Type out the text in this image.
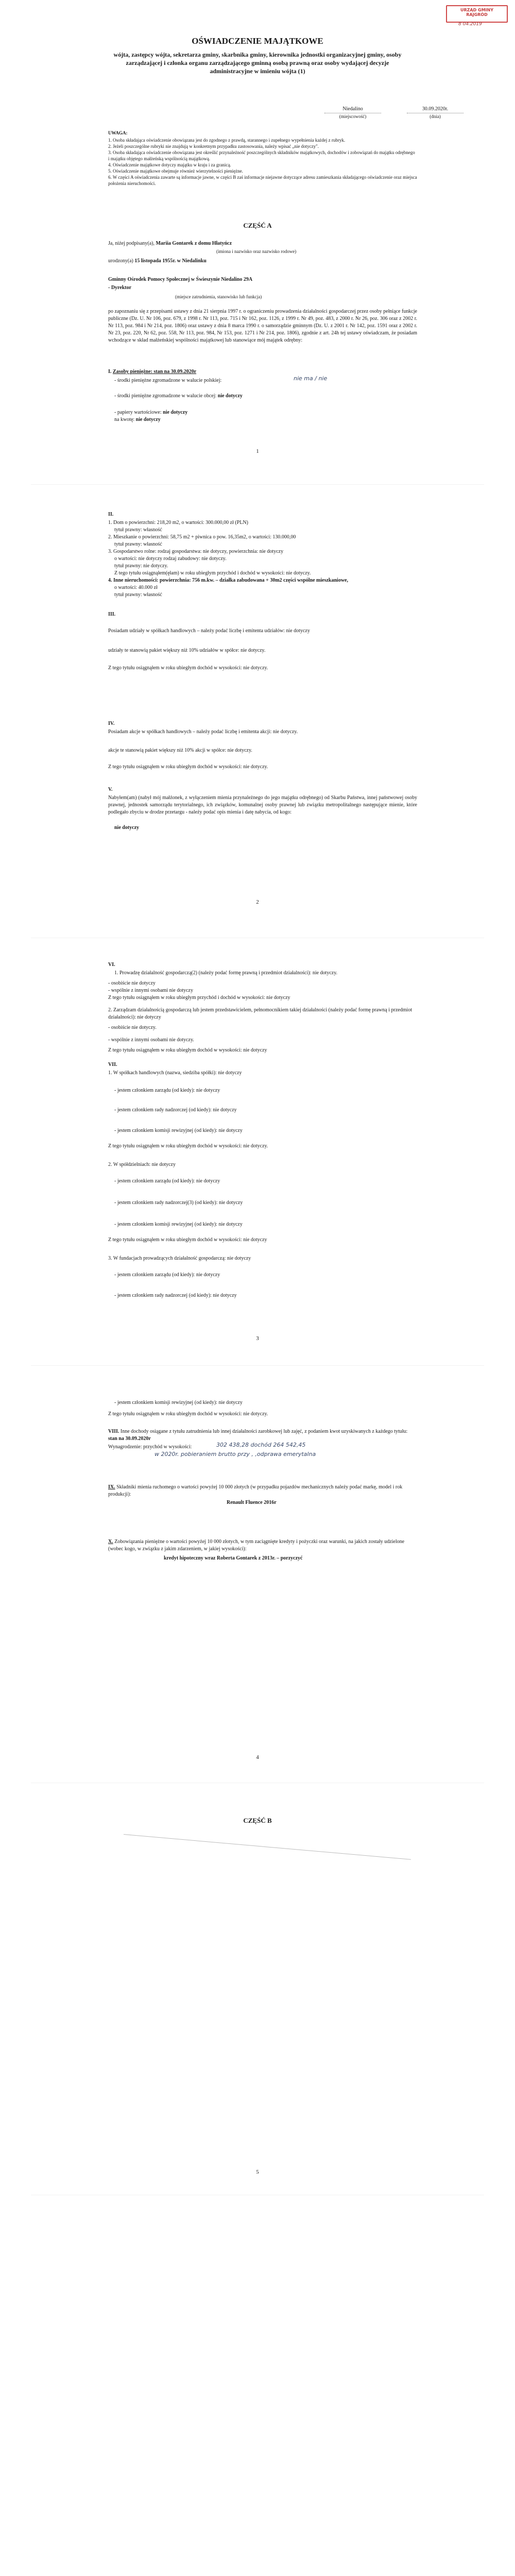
URZĄD GMINY
RAJGRÓD
8 04.2019
OŚWIADCZENIE MAJĄTKOWE
wójta, zastępcy wójta, sekretarza gminy, skarbnika gminy, kierownika jednostki organizacyjnej gminy, osoby zarządzającej i członka organu zarządzającego gminną osobą prawną oraz osoby wydającej decyzje administracyjne w imieniu wójta (1)
Niedalino
(miejscowość)
30.09.2020r.
(dnia)
UWAGA:
1. Osoba składająca oświadczenie obowiązana jest do zgodnego z prawdą, starannego i zupełnego wypełnienia każdej z rubryk.
2. Jeżeli poszczególne rubryki nie znajdują w konkretnym przypadku zastosowania, należy wpisać „nie dotyczy".
3. Osoba składająca oświadczenie obowiązana jest określić przynależność poszczególnych składników majątkowych, dochodów i zobowiązań do majątku odrębnego i majątku objętego małżeńską wspólnością majątkową.
4. Oświadczenie majątkowe dotyczy majątku w kraju i za granicą.
5. Oświadczenie majątkowe obejmuje również wierzytelności pieniężne.
6. W części A oświadczenia zawarte są informacje jawne, w części B zaś informacje niejawne dotyczące adresu zamieszkania składającego oświadczenie oraz miejsca położenia nieruchomości.
CZĘŚĆ A
Ja, niżej podpisany(a), Mariia Gontarek z domu Hłatyńcz
(imiona i nazwisko oraz nazwisko rodowe)
urodzony(a) 15 listopada 1955r. w Niedalinku
Gminny Ośrodek Pomocy Społecznej w Świeszynie Niedalino 29A
- Dyrektor
(miejsce zatrudnienia, stanowisko lub funkcja)
po zapoznaniu się z przepisami ustawy z dnia 21 sierpnia 1997 r. o ograniczeniu prowadzenia działalności gospodarczej przez osoby pełniące funkcje publiczne (Dz. U. Nr 106, poz. 679, z 1998 r. Nr 113, poz. 715 i Nr 162, poz. 1126, z 1999 r. Nr 49, poz. 483, z 2000 r. Nr 26, poz. 306 oraz z 2002 r. Nr 113, poz. 984 i Nr 214, poz. 1806) oraz ustawy z dnia 8 marca 1990 r. o samorządzie gminnym (Dz. U. z 2001 r. Nr 142, poz. 1591 oraz z 2002 r. Nr 23, poz. 220, Nr 62, poz. 558, Nr 113, poz. 984, Nr 153, poz. 1271 i Nr 214, poz. 1806), zgodnie z art. 24h tej ustawy oświadczam, że posiadam wchodzące w skład małżeńskiej wspólności majątkowej lub stanowiące mój majątek odrębny:
I. Zasoby pieniężne: stan na 30.09.2020r
- środki pieniężne zgromadzone w walucie polskiej:	nie ma / nie
- środki pieniężne zgromadzone w walucie obcej: nie dotyczy
- papiery wartościowe: nie dotyczy
na kwotę: nie dotyczy
1
II.
1. Dom o powierzchni: 218,20 m2, o wartości: 300.000,00 zł (PLN)
tytuł prawny: własność
2. Mieszkanie o powierzchni: 58,75 m2 + piwnica o pow. 16,35m2, o wartości: 130.000,00
tytuł prawny: własność
3. Gospodarstwo rolne: rodzaj gospodarstwa: nie dotyczy, powierzchnia: nie dotyczy
o wartości: nie dotyczy rodzaj zabudowy: nie dotyczy.
tytuł prawny: nie dotyczy.
Z tego tytułu osiągnąłem(ęłam) w roku ubiegłym przychód i dochód w wysokości: nie dotyczy.
4. Inne nieruchomości: powierzchnia: 756 m.kw. – działka zabudowana + 30m2 części wspólne mieszkaniowe,
o wartości: 40.000 zł
tytuł prawny: własność
III.
Posiadam udziały w spółkach handlowych – należy podać liczbę i emitenta udziałów: nie dotyczy
udziały te stanowią pakiet większy niż 10% udziałów w spółce: nie dotyczy.
Z tego tytułu osiągnąłem w roku ubiegłym dochód w wysokości: nie dotyczy.
IV.
Posiadam akcje w spółkach handlowych – należy podać liczbę i emitenta akcji: nie dotyczy.
akcje te stanowią pakiet większy niż 10% akcji w spółce: nie dotyczy.
Z tego tytułu osiągnąłem w roku ubiegłym dochód w wysokości: nie dotyczy.
V.
Nabyłem(am) (nabył mój małżonek, z wyłączeniem mienia przynależnego do jego majątku odrębnego) od Skarbu Państwa, innej państwowej osoby prawnej, jednostek samorządu terytorialnego, ich związków, komunalnej osoby prawnej lub związku metropolitalnego następujące mienie, które podlegało zbyciu w drodze przetargu - należy podać opis mienia i datę nabycia, od kogo:
nie dotyczy
2
VI.
1. Prowadzę działalność gospodarczą(2) (należy podać formę prawną i przedmiot działalności): nie dotyczy.
- osobiście nie dotyczy
- wspólnie z innymi osobami nie dotyczy
Z tego tytułu osiągnąłem w roku ubiegłym przychód i dochód w wysokości: nie dotyczy
2. Zarządzam działalnością gospodarczą lub jestem przedstawicielem, pełnomocnikiem takiej działalności (należy podać formę prawną i przedmiot działalności): nie dotyczy
- osobiście nie dotyczy.
- wspólnie z innymi osobami nie dotyczy.
Z tego tytułu osiągnąłem w roku ubiegłym dochód w wysokości: nie dotyczy
VII.
1. W spółkach handlowych (nazwa, siedziba spółki): nie dotyczy
- jestem członkiem zarządu (od kiedy): nie dotyczy
- jestem członkiem rady nadzorczej (od kiedy): nie dotyczy
- jestem członkiem komisji rewizyjnej (od kiedy): nie dotyczy
Z tego tytułu osiągnąłem w roku ubiegłym dochód w wysokości: nie dotyczy.
2. W spółdzielniach: nie dotyczy
- jestem członkiem zarządu (od kiedy): nie dotyczy
- jestem członkiem rady nadzorczej(3) (od kiedy): nie dotyczy
- jestem członkiem komisji rewizyjnej (od kiedy): nie dotyczy
Z tego tytułu osiągnąłem w roku ubiegłym dochód w wysokości: nie dotyczy
3. W fundacjach prowadzących działalność gospodarczą: nie dotyczy
- jestem członkiem zarządu (od kiedy): nie dotyczy
- jestem członkiem rady nadzorczej (od kiedy): nie dotyczy
3
- jestem członkiem komisji rewizyjnej (od kiedy): nie dotyczy
Z tego tytułu osiągnąłem w roku ubiegłym dochód w wysokości: nie dotyczy.
VIII. Inne dochody osiągane z tytułu zatrudnienia lub innej działalności zarobkowej lub zajęć, z podaniem kwot uzyskiwanych z każdego tytułu: stan na 30.09.2020r
Wynagrodzenie: przychód w wysokości:	302 438,28 dochód 264 542,45
w 2020r. pobieraniem brutto przy , ,odprawa emerytalna
IX. Składniki mienia ruchomego o wartości powyżej 10 000 złotych (w przypadku pojazdów mechanicznych należy podać markę, model i rok produkcji):
Renault Fluence 2016r
X. Zobowiązania pieniężne o wartości powyżej 10 000 złotych, w tym zaciągnięte kredyty i pożyczki oraz warunki, na jakich zostały udzielone (wobec kogo, w związku z jakim zdarzeniem, w jakiej wysokości):
kredyt hipoteczny wraz Roberta Gontarek z 2013r. – porzyczyć
4
CZĘŚĆ B
5
